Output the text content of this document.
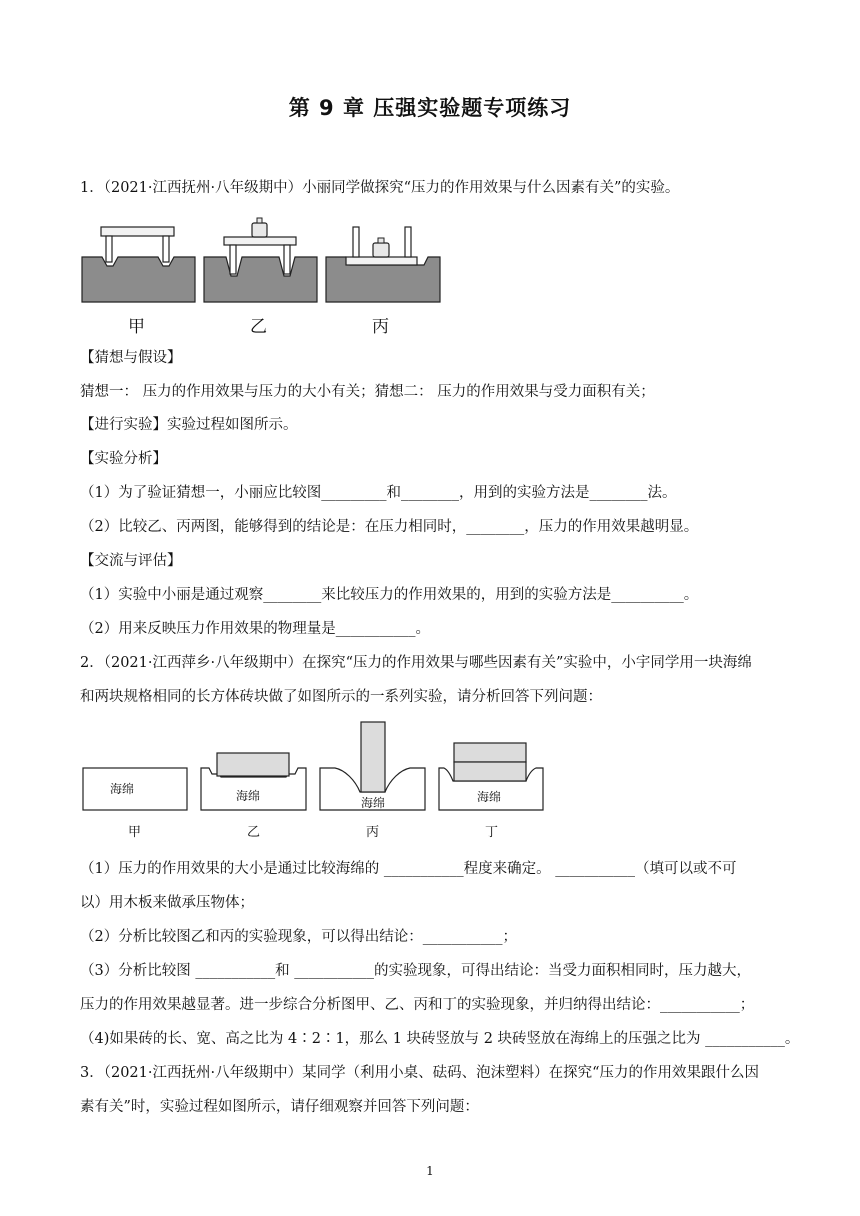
第 9 章 压强实验题专项练习
1．（2021·江西抚州·八年级期中）小丽同学做探究“压力的作用效果与什么因素有关”的实验。
甲	乙	丙
【猜想与假设】
猜想一： 压力的作用效果与压力的大小有关；猜想二： 压力的作用效果与受力面积有关；
【进行实验】实验过程如图所示。
【实验分析】
（1）为了验证猜想一，小丽应比较图_________和________，用到的实验方法是________法。
（2）比较乙、丙两图，能够得到的结论是：在压力相同时，________，压力的作用效果越明显。
【交流与评估】
（1）实验中小丽是通过观察________来比较压力的作用效果的，用到的实验方法是__________。
（2）用来反映压力作用效果的物理量是___________。
2．（2021·江西萍乡·八年级期中）在探究“压力的作用效果与哪些因素有关”实验中，小宇同学用一块海绵
和两块规格相同的长方体砖块做了如图所示的一系列实验，请分析回答下列问题：
海绵	海绵	海绵	海绵
甲	乙	丙	丁
（1）压力的作用效果的大小是通过比较海绵的 ___________程度来确定。 ___________（填可以或不可
以）用木板来做承压物体；
（2）分析比较图乙和丙的实验现象，可以得出结论：___________；
（3）分析比较图 ___________和 ___________的实验现象，可得出结论：当受力面积相同时，压力越大，
压力的作用效果越显著。进一步综合分析图甲、乙、丙和丁的实验现象，并归纳得出结论：___________；
（4)如果砖的长、宽、高之比为 4∶2∶1，那么 1 块砖竖放与 2 块砖竖放在海绵上的压强之比为 ___________。
3．（2021·江西抚州·八年级期中）某同学（利用小桌、砝码、泡沫塑料）在探究“压力的作用效果跟什么因
素有关”时，实验过程如图所示，请仔细观察并回答下列问题：
1
